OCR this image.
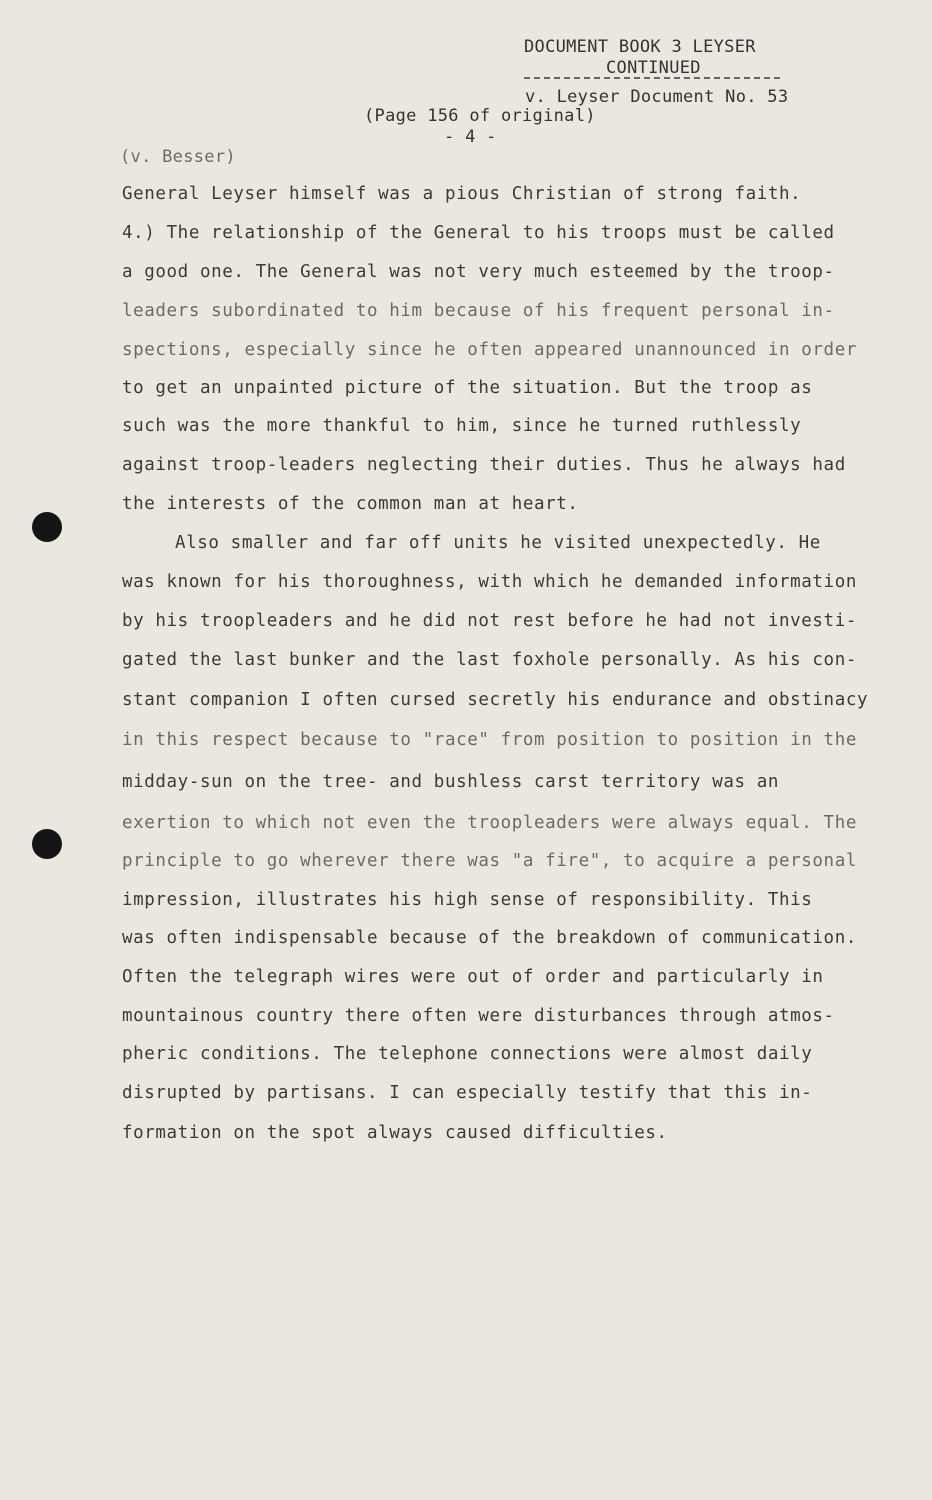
DOCUMENT BOOK 3 LEYSER
CONTINUED
v. Leyser Document No. 53
(Page 156 of original)
- 4 -
(v. Besser)
General Leyser himself was a pious Christian of strong faith.
4.) The relationship of the General to his troops must be called
a good one. The General was not very much esteemed by the troop-
leaders subordinated to him because of his frequent personal in-
spections, especially since he often appeared unannounced in order
to get an unpainted picture of the situation. But the troop as
such was the more thankful to him, since he turned ruthlessly
against troop-leaders neglecting their duties. Thus he always had
the interests of the common man at heart.
Also smaller and far off units he visited unexpectedly. He
was known for his thoroughness, with which he demanded information
by his troopleaders and he did not rest before he had not investi-
gated the last bunker and the last foxhole personally. As his con-
stant companion I often cursed secretly his endurance and obstinacy
in this respect because to "race" from position to position in the
midday-sun on the tree- and bushless carst territory was an
exertion to which not even the troopleaders were always equal. The
principle to go wherever there was "a fire", to acquire a personal
impression, illustrates his high sense of responsibility. This
was often indispensable because of the breakdown of communication.
Often the telegraph wires were out of order and particularly in
mountainous country there often were disturbances through atmos-
pheric conditions. The telephone connections were almost daily
disrupted by partisans. I can especially testify that this in-
formation on the spot always caused difficulties.
